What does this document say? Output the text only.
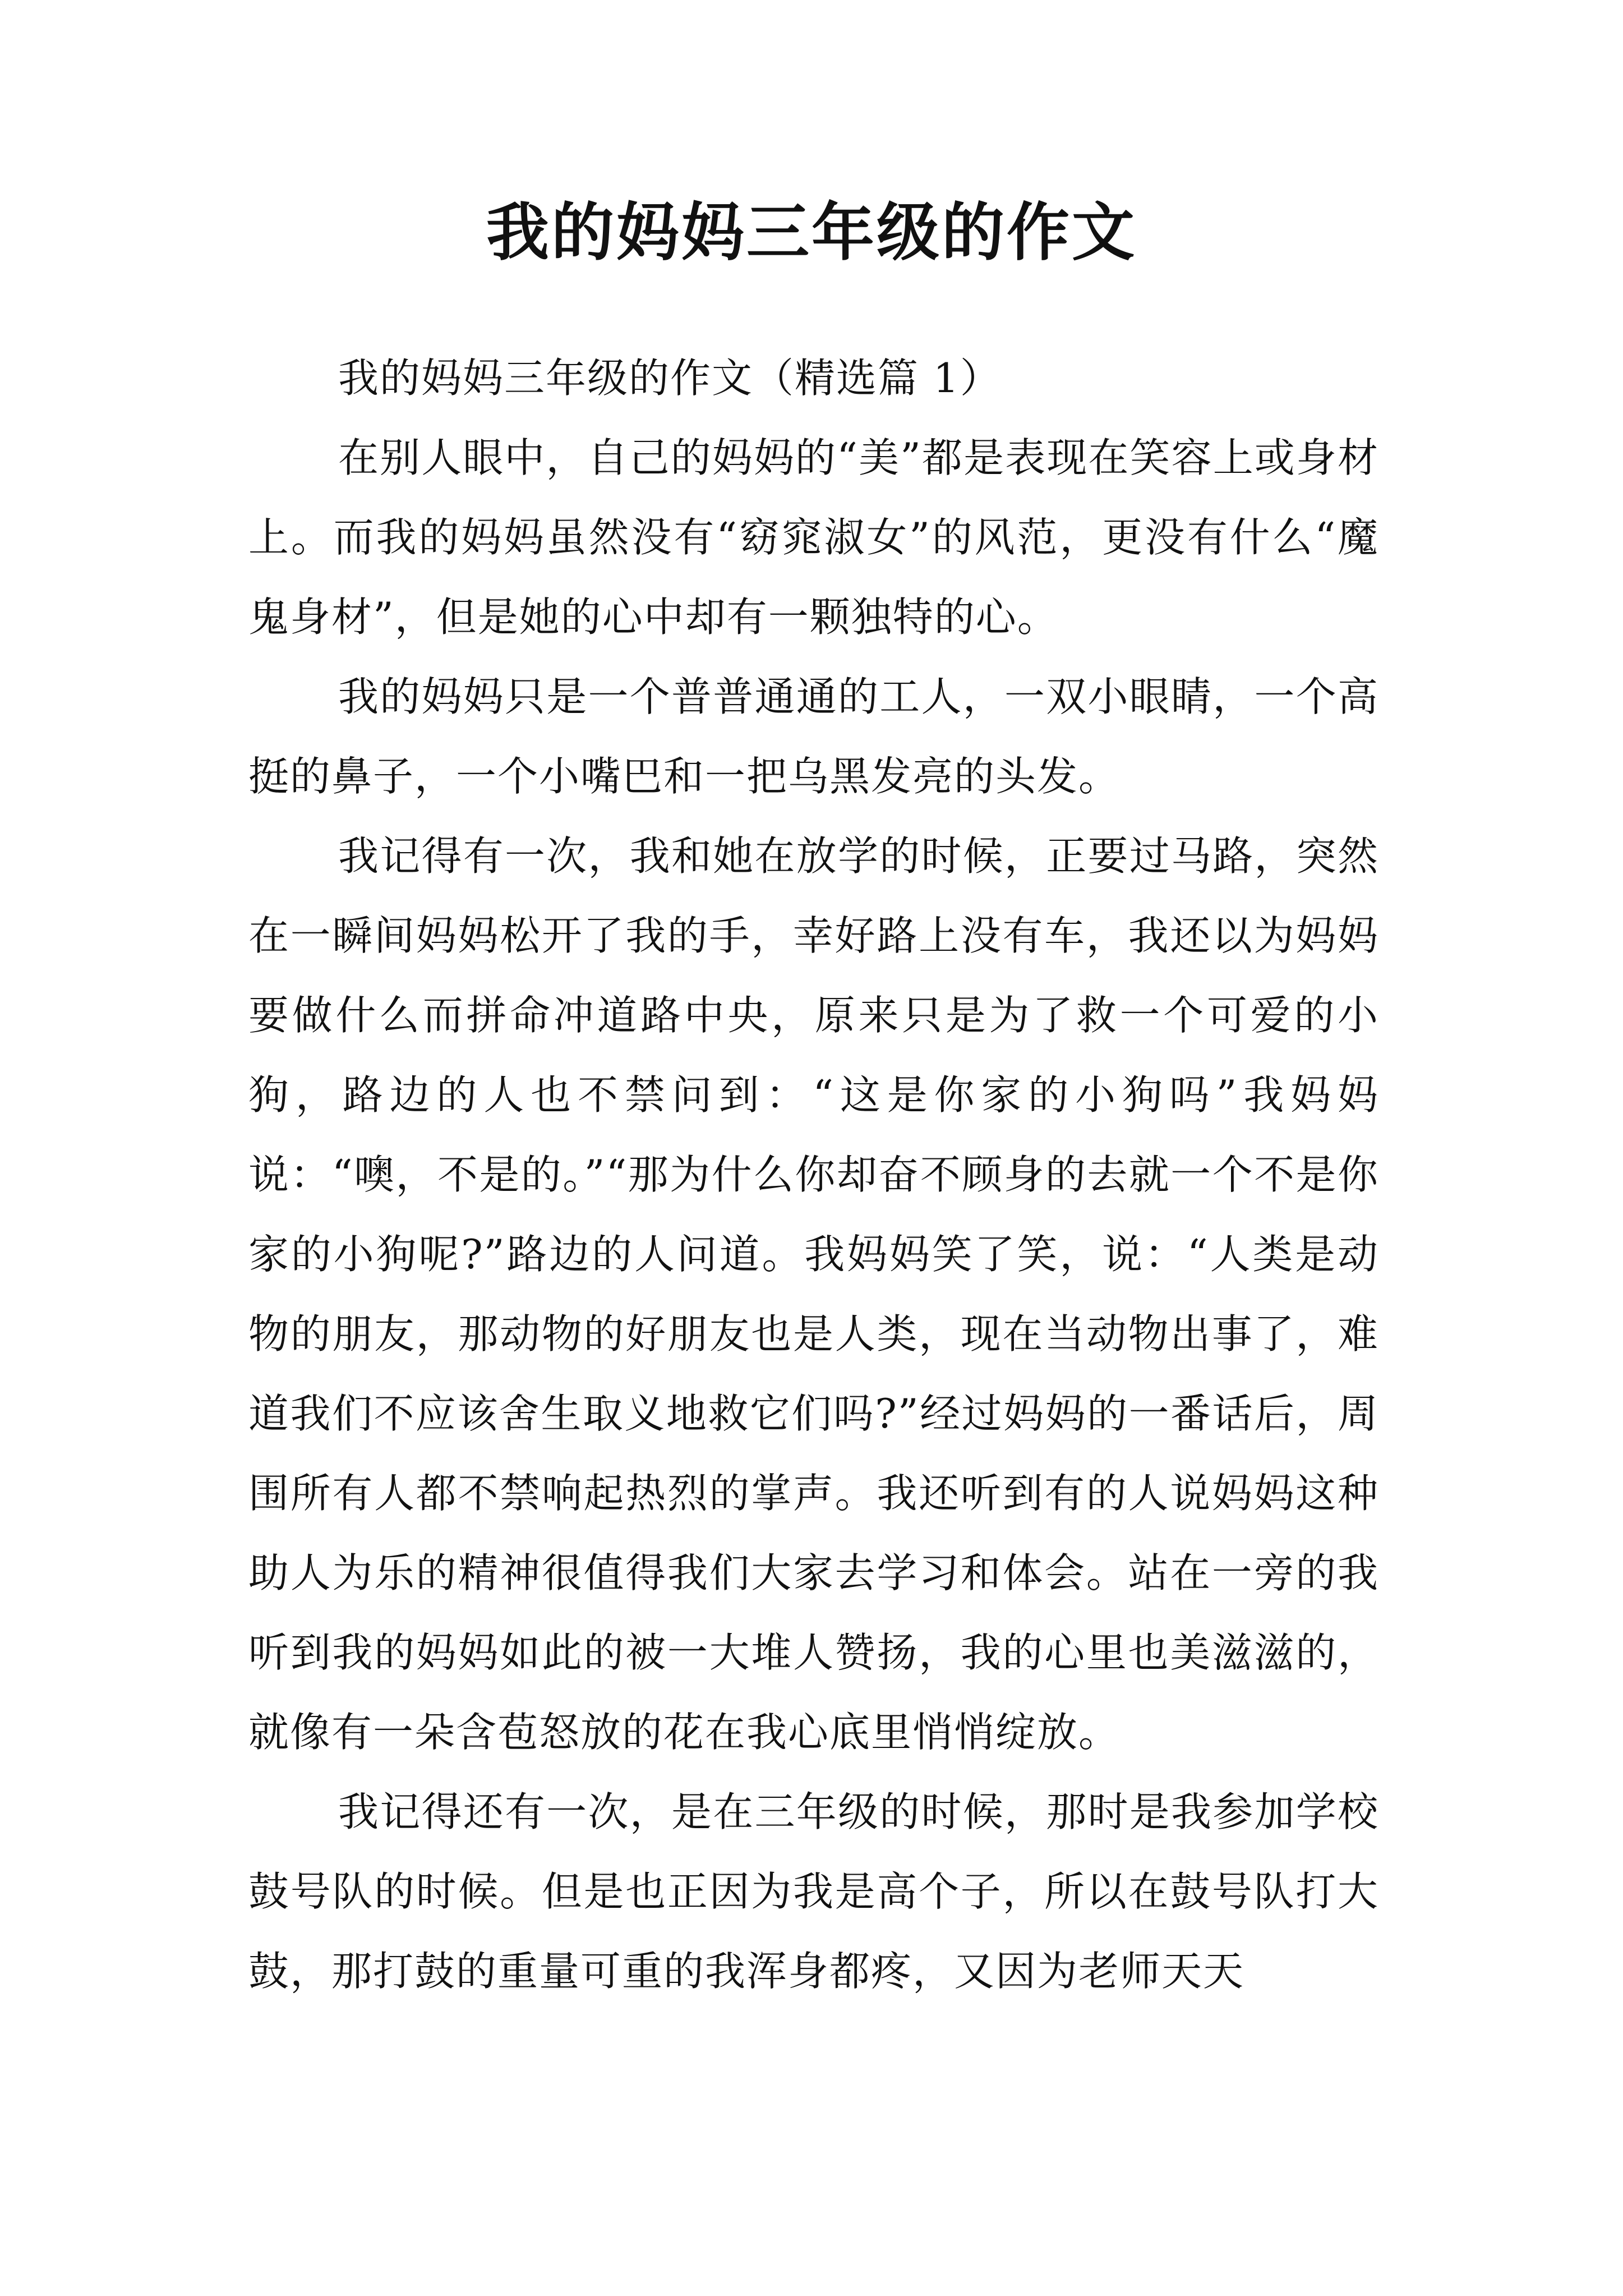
我的妈妈三年级的作文

我的妈妈三年级的作文（精选篇 1）

在别人眼中，自己的妈妈的“美”都是表现在笑容上或身材上。而我的妈妈虽然没有“窈窕淑女”的风范，更没有什么“魔鬼身材”，但是她的心中却有一颗独特的心。

我的妈妈只是一个普普通通的工人，一双小眼睛，一个高挺的鼻子，一个小嘴巴和一把乌黑发亮的头发。

我记得有一次，我和她在放学的时候，正要过马路，突然在一瞬间妈妈松开了我的手，幸好路上没有车，我还以为妈妈要做什么而拼命冲道路中央，原来只是为了救一个可爱的小狗，路边的人也不禁问到：“这是你家的小狗吗”我妈妈说：“噢，不是的。”“那为什么你却奋不顾身的去就一个不是你家的小狗呢?”路边的人问道。我妈妈笑了笑，说：“人类是动物的朋友，那动物的好朋友也是人类，现在当动物出事了，难道我们不应该舍生取义地救它们吗?”经过妈妈的一番话后，周围所有人都不禁响起热烈的掌声。我还听到有的人说妈妈这种助人为乐的精神很值得我们大家去学习和体会。站在一旁的我听到我的妈妈如此的被一大堆人赞扬，我的心里也美滋滋的，就像有一朵含苞怒放的花在我心底里悄悄绽放。

我记得还有一次，是在三年级的时候，那时是我参加学校鼓号队的时候。但是也正因为我是高个子，所以在鼓号队打大鼓，那打鼓的重量可重的我浑身都疼，又因为老师天天
